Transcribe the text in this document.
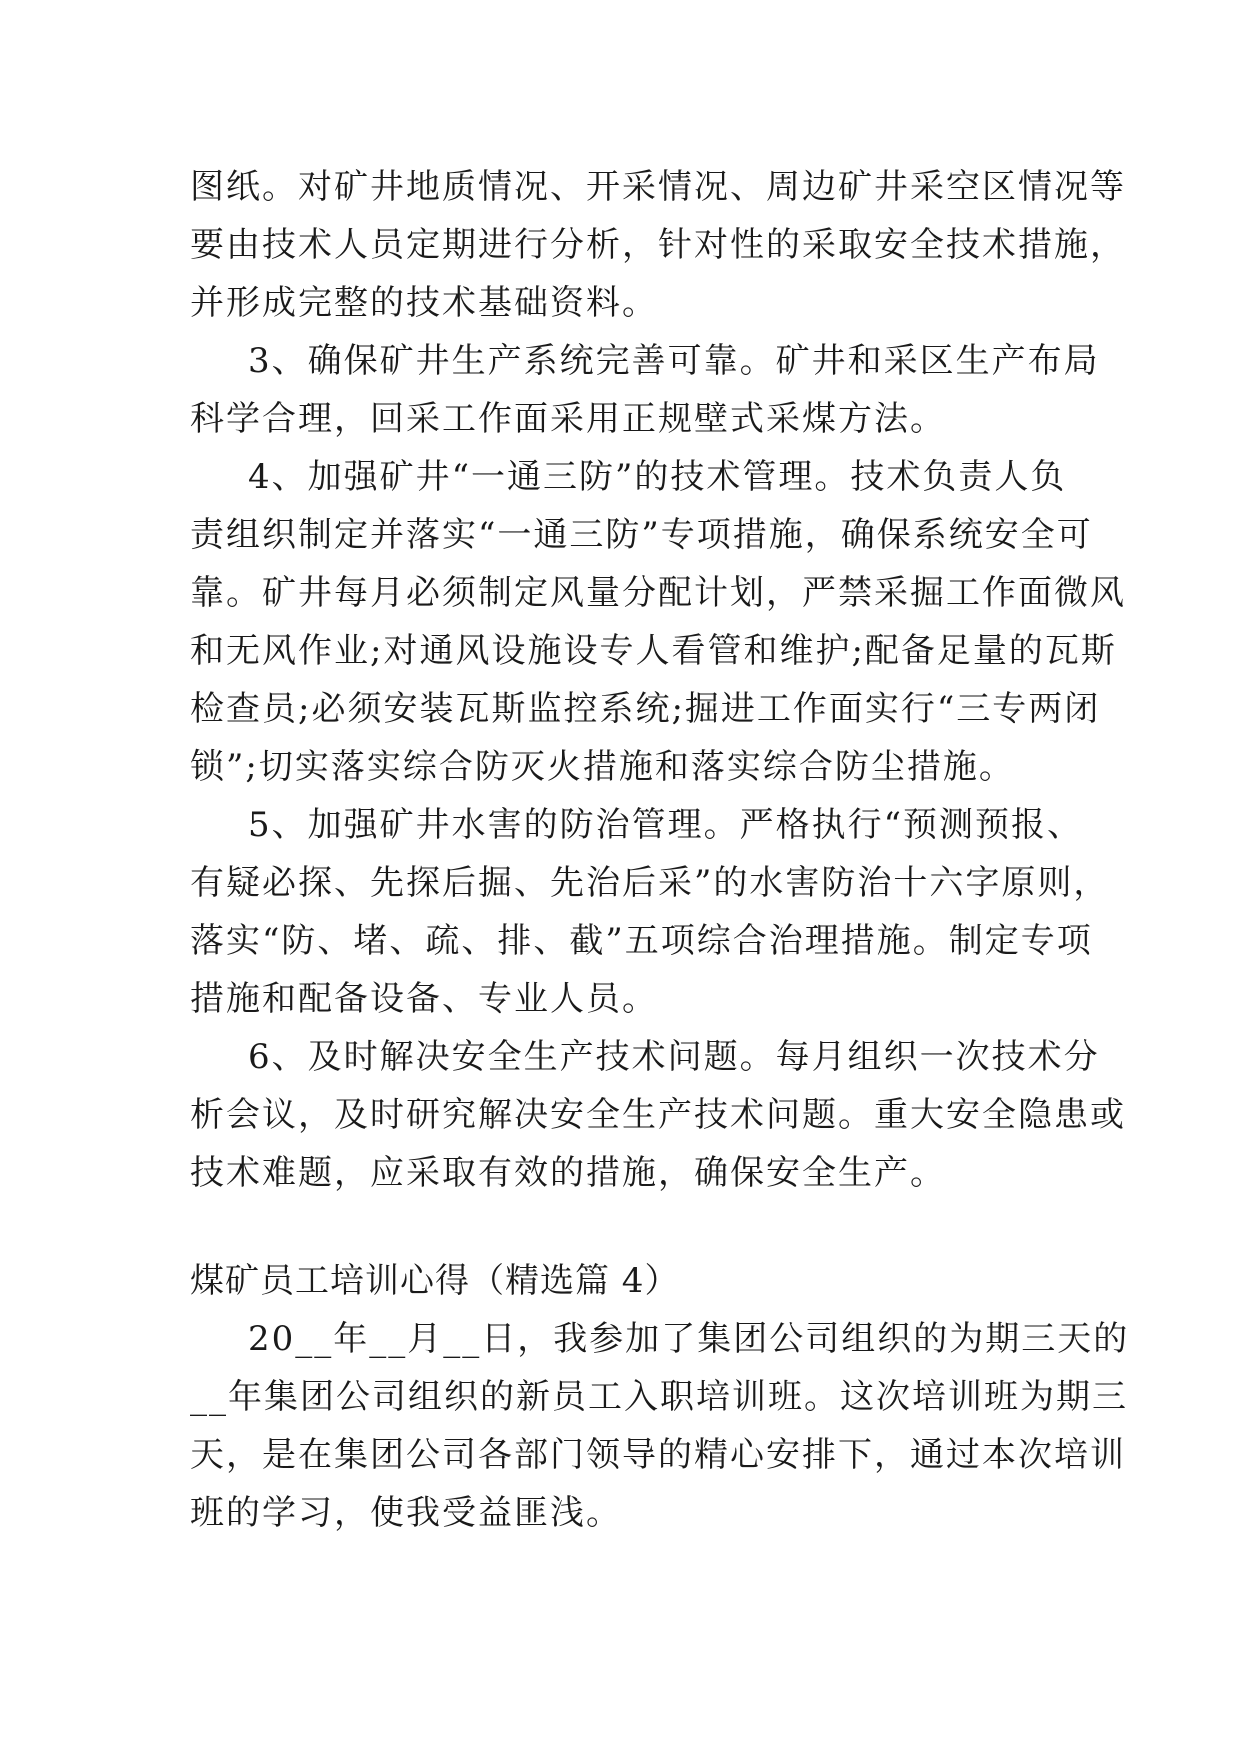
图纸。对矿井地质情况、开采情况、周边矿井采空区情况等
要由技术人员定期进行分析，针对性的采取安全技术措施，
并形成完整的技术基础资料。
3、确保矿井生产系统完善可靠。矿井和采区生产布局
科学合理，回采工作面采用正规壁式采煤方法。
4、加强矿井“一通三防”的技术管理。技术负责人负
责组织制定并落实“一通三防”专项措施，确保系统安全可
靠。矿井每月必须制定风量分配计划，严禁采掘工作面微风
和无风作业;对通风设施设专人看管和维护;配备足量的瓦斯
检查员;必须安装瓦斯监控系统;掘进工作面实行“三专两闭
锁”;切实落实综合防灭火措施和落实综合防尘措施。
5、加强矿井水害的防治管理。严格执行“预测预报、
有疑必探、先探后掘、先治后采”的水害防治十六字原则，
落实“防、堵、疏、排、截”五项综合治理措施。制定专项
措施和配备设备、专业人员。
6、及时解决安全生产技术问题。每月组织一次技术分
析会议，及时研究解决安全生产技术问题。重大安全隐患或
技术难题，应采取有效的措施，确保安全生产。
煤矿员工培训心得（精选篇 4）
20__年__月__日，我参加了集团公司组织的为期三天的
__年集团公司组织的新员工入职培训班。这次培训班为期三
天，是在集团公司各部门领导的精心安排下，通过本次培训
班的学习，使我受益匪浅。
